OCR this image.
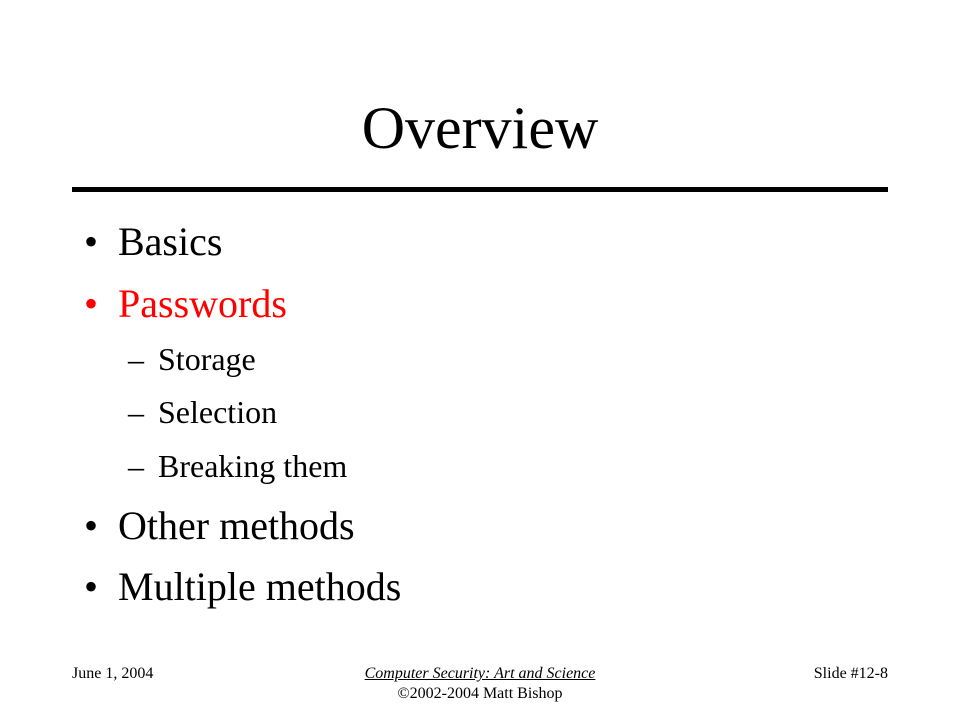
Overview
• Basics
• Passwords
– Storage
– Selection
– Breaking them
• Other methods
• Multiple methods
June 1, 2004	Computer Security: Art and Science
©2002-2004 Matt Bishop
Slide #12-8
